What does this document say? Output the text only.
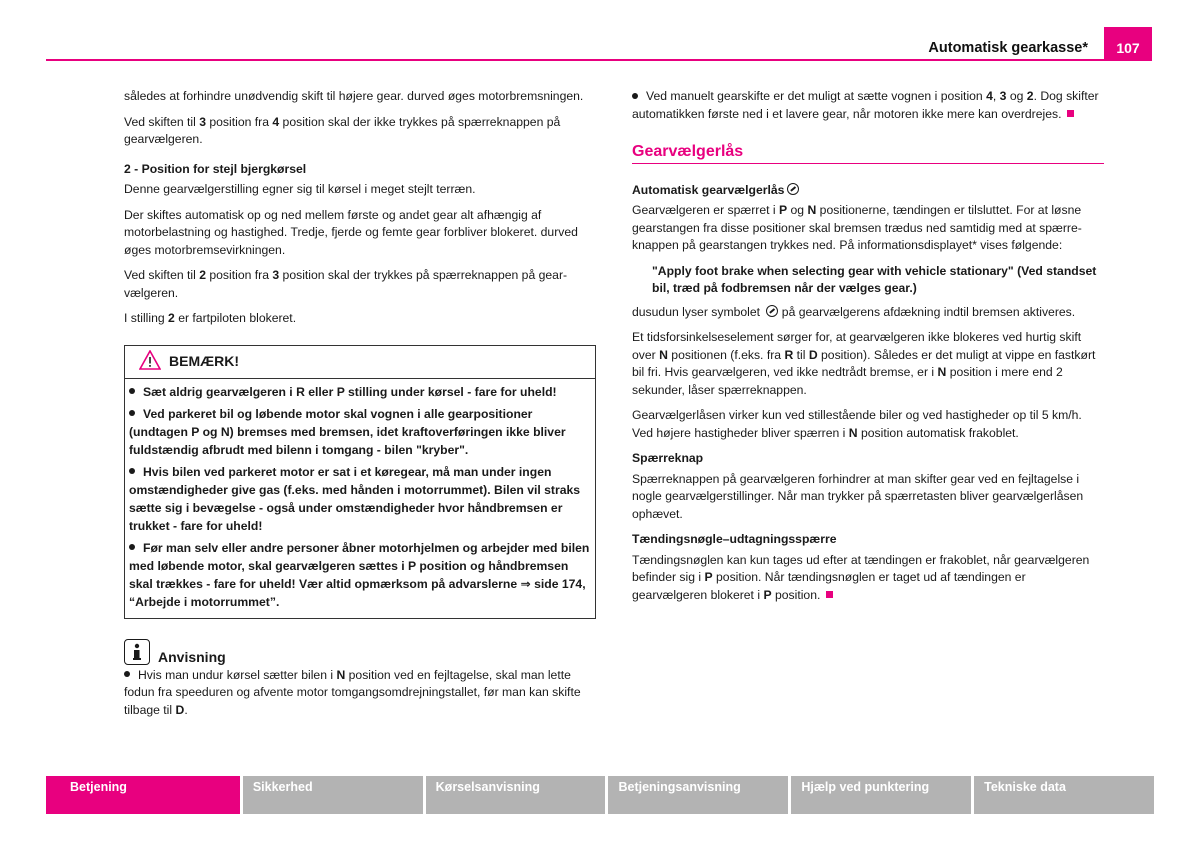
Automatisk gearkasse* 107

således at forhindre unødvendig skift til højere gear. durved øges motorbremsningen.

Ved skiften til 3 position fra 4 position skal der ikke trykkes på spærreknappen på gearvælgeren.

2 - Position for stejl bjergkørsel

Denne gearvælgerstilling egner sig til kørsel i meget stejlt terræn.

Der skiftes automatisk op og ned mellem første og andet gear alt afhængig af motorbelastning og hastighed. Tredje, fjerde og femte gear forbliver blokeret. durved øges motorbremsevirkningen.

Ved skiften til 2 position fra 3 position skal der trykkes på spærreknappen på gearvælgeren.

I stilling 2 er fartpiloten blokeret.

BEMÆRK!

Sæt aldrig gearvælgeren i R eller P stilling under kørsel - fare for uheld!

Ved parkeret bil og løbende motor skal vognen i alle gearpositioner (undtagen P og N) bremses med bremsen, idet kraftoverføringen ikke bliver fuldstændig afbrudt med bilenn i tomgang - bilen "kryber".

Hvis bilen ved parkeret motor er sat i et køregear, må man under ingen omstændigheder give gas (f.eks. med hånden i motorrummet). Bilen vil straks sætte sig i bevægelse - også under omstændigheder hvor håndbremsen er trukket - fare for uheld!

Før man selv eller andre personer åbner motorhjelmen og arbejder med bilen med løbende motor, skal gearvælgeren sættes i P position og håndbremsen skal trækkes - fare for uheld! Vær altid opmærksom på advarslerne ⇒ side 174, “Arbejde i motorrummet”.

Anvisning

Hvis man undur kørsel sætter bilen i N position ved en fejltagelse, skal man lette fodun fra speeduren og afvente motor tomgangsomdrejningstallet, før man kan skifte tilbage til D.

Ved manuelt gearskifte er det muligt at sætte vognen i position 4, 3 og 2. Dog skifter automatikken første ned i et lavere gear, når motoren ikke mere kan overdrejes.

Gearvælgerlås
Automatisk gearvælgerlås

Gearvælgeren er spærret i P og N positionerne, tændingen er tilsluttet. For at løsne gearstangen fra disse positioner skal bremsen trædus ned samtidig med at spærreknappen på gearstangen trykkes ned. På informationsdisplayet* vises følgende:

"Apply foot brake when selecting gear with vehicle stationary" (Ved standset bil, træd på fodbremsen når der vælges gear.)

dusudun lyser symbolet  på gearvælgerens afdækning indtil bremsen aktiveres.

Et tidsforsinkelseselement sørger for, at gearvælgeren ikke blokeres ved hurtig skift over N positionen (f.eks. fra R til D position). Således er det muligt at vippe en fastkørt bil fri. Hvis gearvælgeren, ved ikke nedtrådt bremse, er i N position i mere end 2 sekunder, låser spærreknappen.

Gearvælgerlåsen virker kun ved stillestående biler og ved hastigheder op til 5 km/h. Ved højere hastigheder bliver spærren i N position automatisk frakoblet.

Spærreknap

Spærreknappen på gearvælgeren forhindrer at man skifter gear ved en fejltagelse i nogle gearvælgerstillinger. Når man trykker på spærretasten bliver gearvælgerlåsen ophævet.

Tændingsnøgle–udtagningsspærre

Tændingsnøglen kan kun tages ud efter at tændingen er frakoblet, når gearvælgeren befinder sig i P position. Når tændingsnøglen er taget ud af tændingen er gearvælgeren blokeret i P position.

Betjening	Sikkerhed	Kørselsanvisning	Betjeningsanvisning	Hjælp ved punktering	Tekniske data
